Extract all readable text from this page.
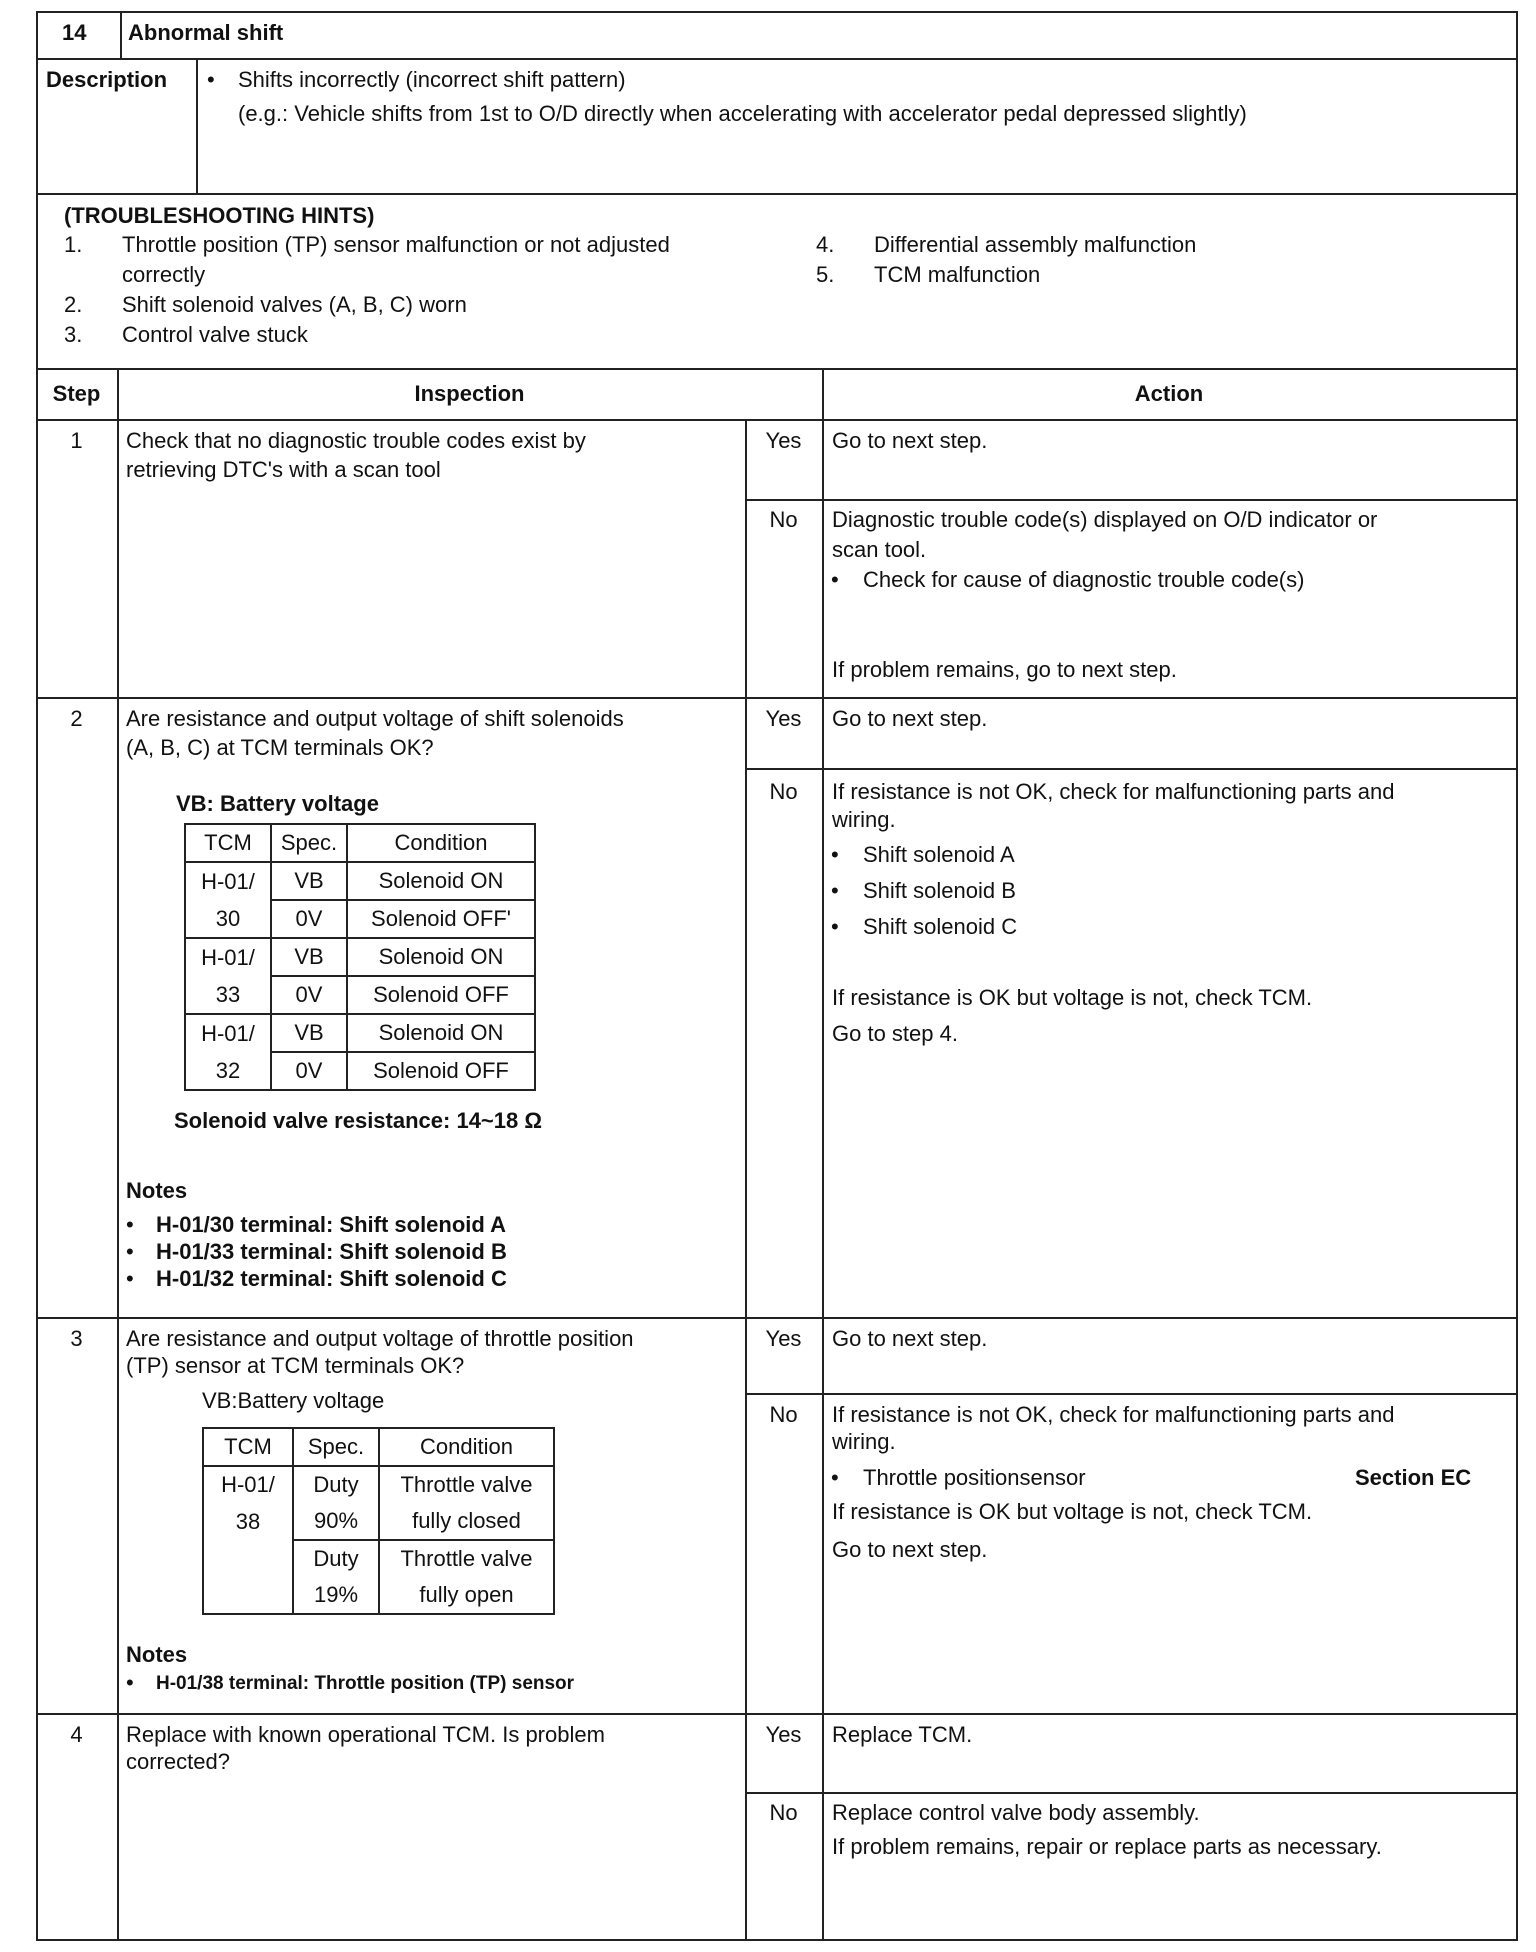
14 Abnormal shift
Description • Shifts incorrectly (incorrect shift pattern)
(e.g.: Vehicle shifts from 1st to O/D directly when accelerating with accelerator pedal depressed slightly)
(TROUBLESHOOTING HINTS)
1. Throttle position (TP) sensor malfunction or not adjusted
correctly
2. Shift solenoid valves (A, B, C) worn
3. Control valve stuck
4. Differential assembly malfunction
5. TCM malfunction
Step	Inspection	Action
1	Check that no diagnostic trouble codes exist by
retrieving DTC's with a scan tool
Yes	Go to next step.
No	Diagnostic trouble code(s) displayed on O/D indicator or
scan tool.
• Check for cause of diagnostic trouble code(s)
If problem remains, go to next step.
2	Are resistance and output voltage of shift solenoids
(A, B, C) at TCM terminals OK?
VB: Battery voltage
TCM	Spec.	Condition
H-01/	VB	Solenoid ON
30	0V	Solenoid OFF'
H-01/	VB	Solenoid ON
33	0V	Solenoid OFF
H-01/	VB	Solenoid ON
32	0V	Solenoid OFF
Solenoid valve resistance: 14~18 Ω
Notes
• H-01/30 terminal: Shift solenoid A
• H-01/33 terminal: Shift solenoid B
• H-01/32 terminal: Shift solenoid C
Yes	Go to next step.
No	If resistance is not OK, check for malfunctioning parts and
wiring.
• Shift solenoid A
• Shift solenoid B
• Shift solenoid C
If resistance is OK but voltage is not, check TCM.
Go to step 4.
3	Are resistance and output voltage of throttle position
(TP) sensor at TCM terminals OK?
VB:Battery voltage
TCM	Spec.	Condition
H-01/	Duty	Throttle valve
38	90%	fully closed
	Duty	Throttle valve
	19%	fully open
Notes
• H-01/38 terminal: Throttle position (TP) sensor
Yes	Go to next step.
No	If resistance is not OK, check for malfunctioning parts and
wiring.
• Throttle positionsensor	Section EC
If resistance is OK but voltage is not, check TCM.
Go to next step.
4	Replace with known operational TCM. Is problem
corrected?
Yes	Replace TCM.
No	Replace control valve body assembly.
If problem remains, repair or replace parts as necessary.
